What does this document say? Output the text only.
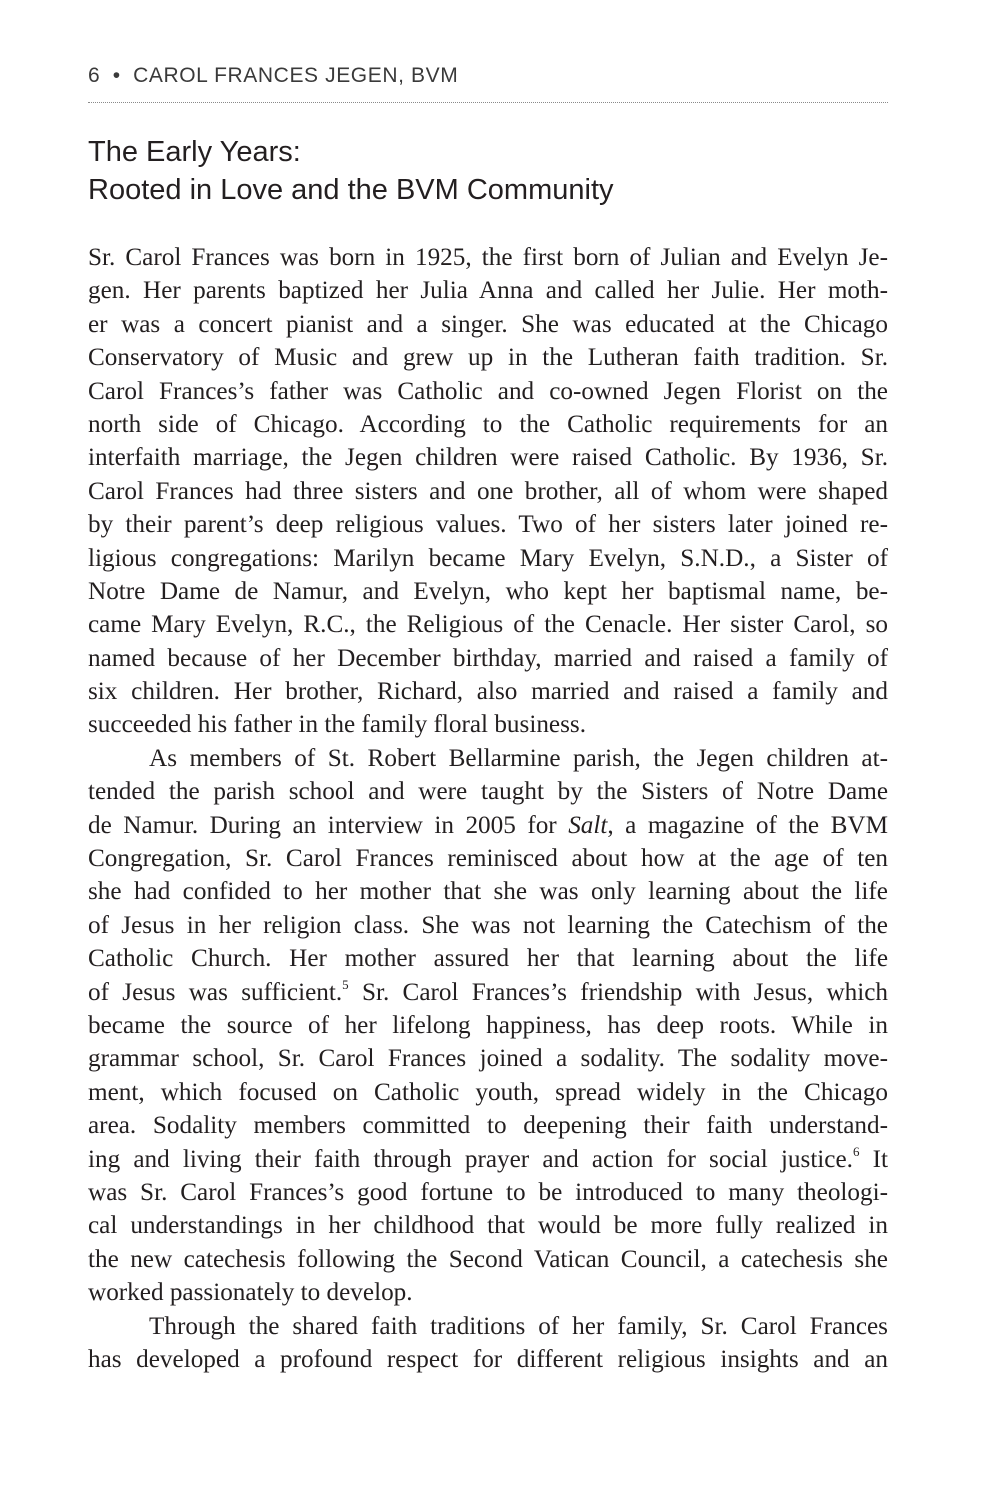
6 • CAROL FRANCES JEGEN, BVM
The Early Years:
Rooted in Love and the BVM Community
Sr. Carol Frances was born in 1925, the first born of Julian and Evelyn Je-
gen. Her parents baptized her Julia Anna and called her Julie. Her moth-
er was a concert pianist and a singer. She was educated at the Chicago
Conservatory of Music and grew up in the Lutheran faith tradition. Sr.
Carol Frances’s father was Catholic and co-owned Jegen Florist on the
north side of Chicago. According to the Catholic requirements for an
interfaith marriage, the Jegen children were raised Catholic. By 1936, Sr.
Carol Frances had three sisters and one brother, all of whom were shaped
by their parent’s deep religious values. Two of her sisters later joined re-
ligious congregations: Marilyn became Mary Evelyn, S.N.D., a Sister of
Notre Dame de Namur, and Evelyn, who kept her baptismal name, be-
came Mary Evelyn, R.C., the Religious of the Cenacle. Her sister Carol, so
named because of her December birthday, married and raised a family of
six children. Her brother, Richard, also married and raised a family and
succeeded his father in the family floral business.
As members of St. Robert Bellarmine parish, the Jegen children at-
tended the parish school and were taught by the Sisters of Notre Dame
de Namur. During an interview in 2005 for Salt, a magazine of the BVM
Congregation, Sr. Carol Frances reminisced about how at the age of ten
she had confided to her mother that she was only learning about the life
of Jesus in her religion class. She was not learning the Catechism of the
Catholic Church. Her mother assured her that learning about the life
of Jesus was sufficient.$^5$ Sr. Carol Frances’s friendship with Jesus, which
became the source of her lifelong happiness, has deep roots. While in
grammar school, Sr. Carol Frances joined a sodality. The sodality move-
ment, which focused on Catholic youth, spread widely in the Chicago
area. Sodality members committed to deepening their faith understand-
ing and living their faith through prayer and action for social justice.$^6$ It
was Sr. Carol Frances’s good fortune to be introduced to many theologi-
cal understandings in her childhood that would be more fully realized in
the new catechesis following the Second Vatican Council, a catechesis she
worked passionately to develop.
Through the shared faith traditions of her family, Sr. Carol Frances
has developed a profound respect for different religious insights and an
